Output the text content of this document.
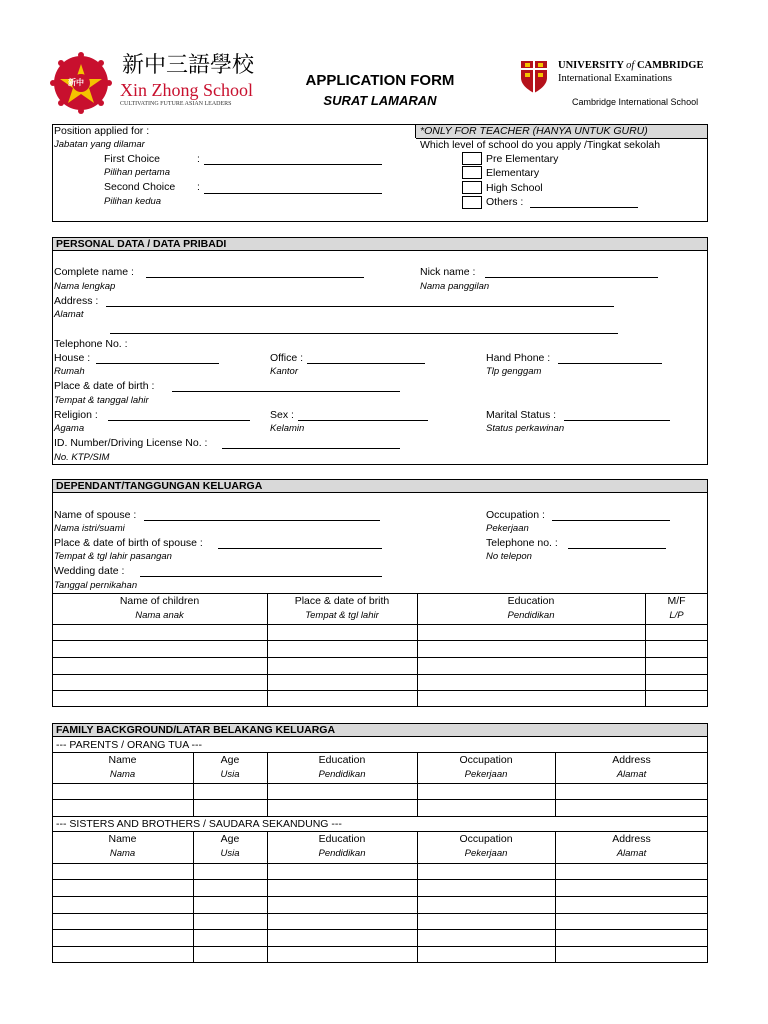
新中
新中三語學校
Xin Zhong School
CULTIVATING FUTURE ASIAN LEADERS
APPLICATION FORM
SURAT LAMARAN
UNIVERSITY of CAMBRIDGE
International Examinations
Cambridge International School
*ONLY FOR TEACHER (HANYA UNTUK GURU)
Position applied for :
Jabatan yang dilamar
First Choice	:
Pilihan pertama
Second Choice :
Pilihan kedua
Which level of school do you apply /Tingkat sekolah
Pre Elementary
Elementary
High School
Others :
PERSONAL DATA / DATA PRIBADI
Complete name :
Nama lengkap
Nick name :
Nama panggilan
Address :
Alamat
Telephone No. :
House :
Rumah
Office :
Kantor
Hand Phone :
Tlp genggam
Place & date of birth :
Tempat & tanggal lahir
Religion :
Agama
Sex :
Kelamin
Marital Status :
Status perkawinan
ID. Number/Driving License No. :
No. KTP/SIM
DEPENDANT/TANGGUNGAN KELUARGA
Name of spouse :
Nama istri/suami
Occupation :
Pekerjaan
Place & date of birth of spouse :
Tempat & tgl lahir pasangan
Telephone no. :
No telepon
Wedding date :
Tanggal pernikahan
Name of children
Nama anak
Place & date of brith
Tempat & tgl lahir
Education
Pendidikan
M/F
L/P
FAMILY BACKGROUND/LATAR BELAKANG KELUARGA
--- PARENTS / ORANG TUA ---
Name
Nama
Age
Usia
Education
Pendidikan
Occupation
Pekerjaan
Address
Alamat
--- SISTERS AND BROTHERS / SAUDARA SEKANDUNG ---
Name
Nama
Age
Usia
Education
Pendidikan
Occupation
Pekerjaan
Address
Alamat
